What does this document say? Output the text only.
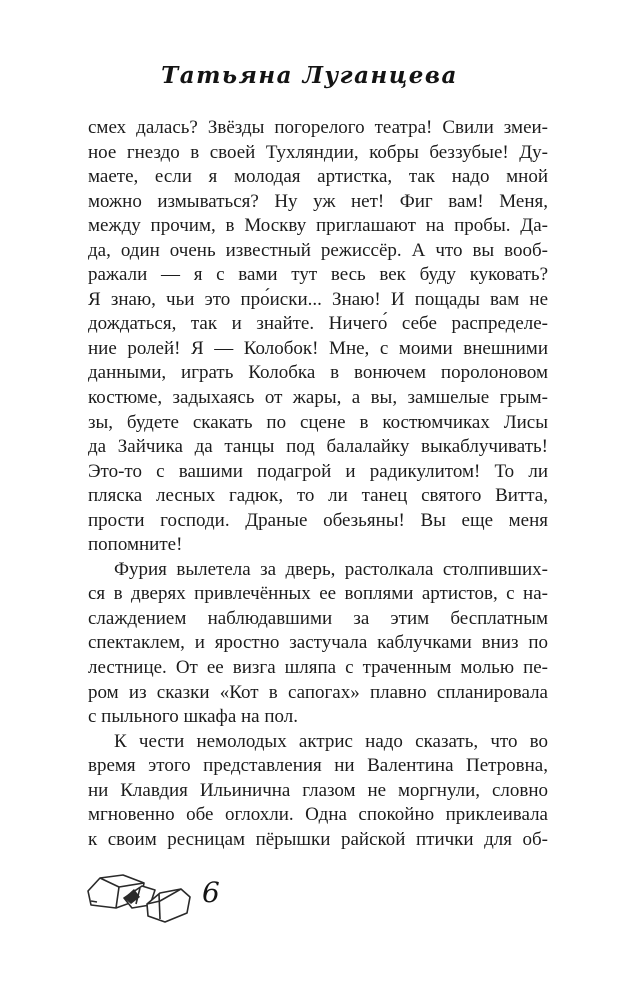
Татьяна Луганцева
смех далась? Звёзды погорелого театра! Свили змеи-
ное гнездо в своей Тухляндии, кобры беззубые! Ду-
маете, если я молодая артистка, так надо мной
можно измываться? Ну уж нет! Фиг вам! Меня,
между прочим, в Москву приглашают на пробы. Да-
да, один очень известный режиссёр. А что вы вооб-
ражали — я с вами тут весь век буду куковать?
Я знаю, чьи это про́иски... Знаю! И пощады вам не
дождаться, так и знайте. Ничего́ себе распределе-
ние ролей! Я — Колобок! Мне, с моими внешними
данными, играть Колобка в вонючем поролоновом
костюме, задыхаясь от жары, а вы, замшелые грым-
зы, будете скакать по сцене в костюмчиках Лисы
да Зайчика да танцы под балалайку выкаблучивать!
Это-то с вашими подагрой и радикулитом! То ли
пляска лесных гадюк, то ли танец святого Витта,
прости господи. Драные обезьяны! Вы еще меня
попомните!
Фурия вылетела за дверь, растолкала столпивших-
ся в дверях привлечённых ее воплями артистов, с на-
слаждением наблюдавшими за этим бесплатным
спектаклем, и яростно застучала каблучками вниз по
лестнице. От ее визга шляпа с траченным молью пе-
ром из сказки «Кот в сапогах» плавно спланировала
с пыльного шкафа на пол.
К чести немолодых актрис надо сказать, что во
время этого представления ни Валентина Петровна,
ни Клавдия Ильинична глазом не моргнули, словно
мгновенно обе оглохли. Одна спокойно приклеивала
к своим ресницам пёрышки райской птички для об-
6
